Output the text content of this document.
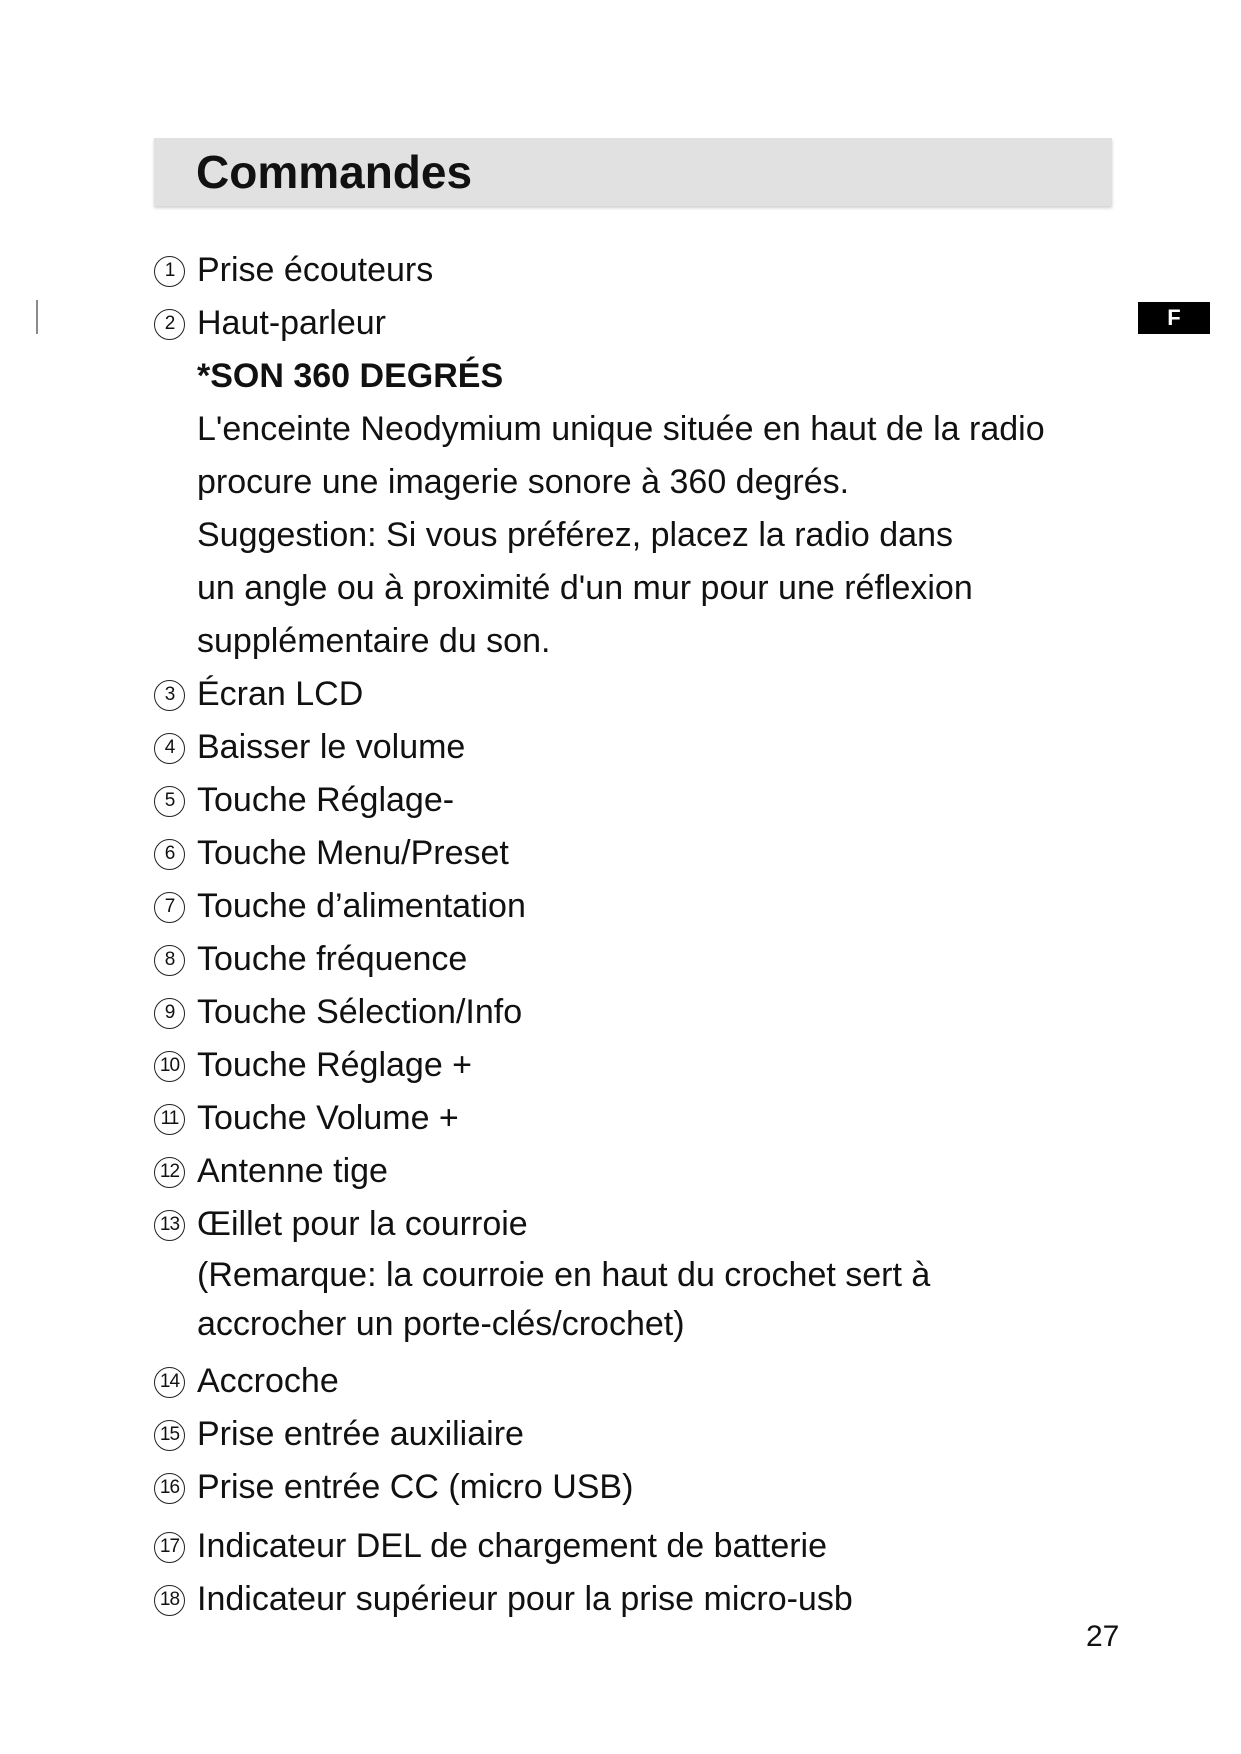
F
Commandes
1 Prise écouteurs
2 Haut-parleur
*SON 360 DEGRÉS
L'enceinte Neodymium unique située en haut de la radio
procure une imagerie sonore à 360 degrés.
Suggestion: Si vous préférez, placez la radio dans
un angle ou à proximité d'un mur pour une réflexion
supplémentaire du son.
3 Écran LCD
4 Baisser le volume
5 Touche Réglage-
6 Touche Menu/Preset
7 Touche d’alimentation
8 Touche fréquence
9 Touche Sélection/Info
10 Touche Réglage +
11 Touche Volume +
12 Antenne tige
13 Œillet pour la courroie
(Remarque: la courroie en haut du crochet sert à
accrocher un porte-clés/crochet)
14 Accroche
15 Prise entrée auxiliaire
16 Prise entrée CC (micro USB)
17 Indicateur DEL de chargement de batterie
18 Indicateur supérieur pour la prise micro-usb
27
